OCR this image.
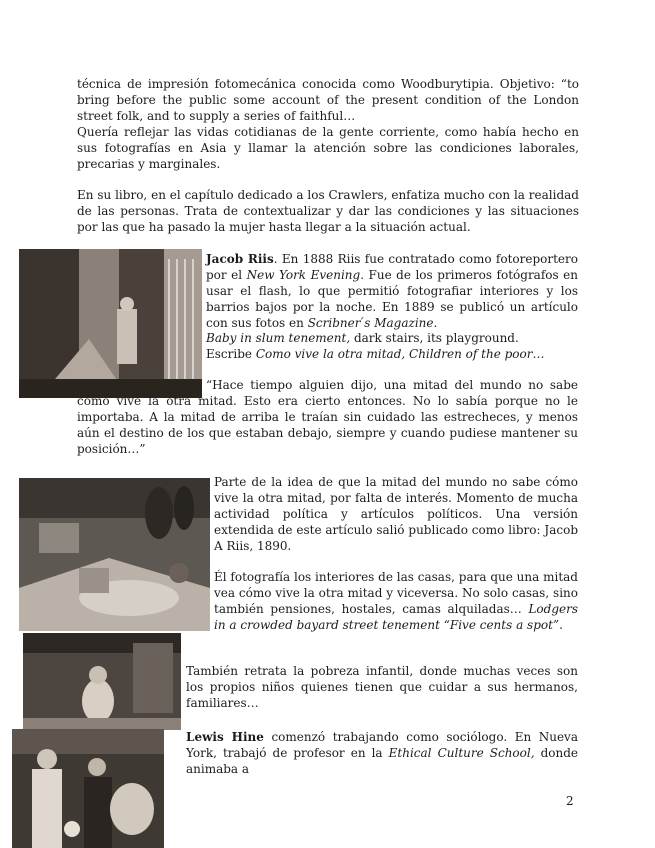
técnica de impresión fotomecánica conocida como Woodburytipia. Objetivo: “to bring before the public some account of the present condition of the London street folk, and to supply a series of faithful…

Quería reflejar las vidas cotidianas de la gente corriente, como había hecho en sus fotografías en Asia y llamar la atención sobre las condiciones laborales, precarias y marginales.

En su libro, en el capítulo dedicado a los Crawlers, enfatiza mucho con la realidad de las personas. Trata de contextualizar y dar las condiciones y las situaciones por las que ha pasado la mujer hasta llegar a la situación actual.

Jacob Riis. En 1888 Riis fue contratado como fotoreportero por el New York Evening. Fue de los primeros fotógrafos en usar el flash, lo que permitió fotografiar interiores y los barrios bajos por la noche. En 1889 se publicó un artículo con sus fotos en Scribner ́s Magazine.
Baby in slum tenement, dark stairs, its playground.
Escribe Como vive la otra mitad, Children of the poor…

“Hace tiempo alguien dijo, una mitad del mundo no sabe cómo vive la otra mitad. Esto era cierto entonces. No lo sabía porque no le importaba. A la mitad de arriba le traían sin cuidado las estrecheces, y menos aún el destino de los que estaban debajo, siempre y cuando pudiese mantener su posición…”

Parte de la idea de que la mitad del mundo no sabe cómo vive la otra mitad, por falta de interés. Momento de mucha actividad política y artículos políticos. Una versión extendida de este artículo salió publicado como libro: Jacob A Riis, 1890.

Él fotografía los interiores de las casas, para que una mitad vea cómo vive la otra mitad y viceversa. No solo casas, sino también pensiones, hostales, camas alquiladas… Lodgers in a crowded bayard street tenement “Five cents a spot”.

También retrata la pobreza infantil, donde muchas veces son los propios niños quienes tienen que cuidar a sus hermanos, familiares…

Lewis Hine comenzó trabajando como sociólogo. En Nueva York, trabajó de profesor en la Ethical Culture School, donde animaba a
2
